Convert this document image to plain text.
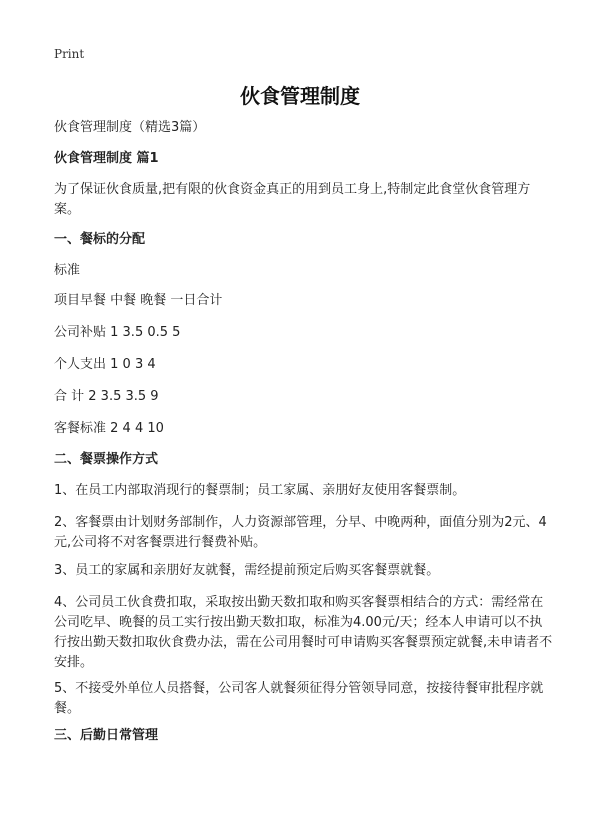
Print
伙食管理制度
伙食管理制度（精选3篇）
伙食管理制度 篇1
为了保证伙食质量,把有限的伙食资金真正的用到员工身上,特制定此食堂伙食管理方案。
一、餐标的分配
标准
项目早餐 中餐 晚餐 一日合计
公司补贴 1 3.5 0.5 5
个人支出 1 0 3 4
合 计 2 3.5 3.5 9
客餐标准 2 4 4 10
二、餐票操作方式
1、在员工内部取消现行的餐票制；员工家属、亲朋好友使用客餐票制。
2、客餐票由计划财务部制作，人力资源部管理，分早、中晚两种，面值分别为2元、4元,公司将不对客餐票进行餐费补贴。
3、员工的家属和亲朋好友就餐，需经提前预定后购买客餐票就餐。
4、公司员工伙食费扣取，采取按出勤天数扣取和购买客餐票相结合的方式：需经常在公司吃早、晚餐的员工实行按出勤天数扣取，标准为4.00元/天；经本人申请可以不执行按出勤天数扣取伙食费办法，需在公司用餐时可申请购买客餐票预定就餐,未申请者不安排。
5、不接受外单位人员搭餐，公司客人就餐须征得分管领导同意，按接待餐审批程序就餐。
三、后勤日常管理
